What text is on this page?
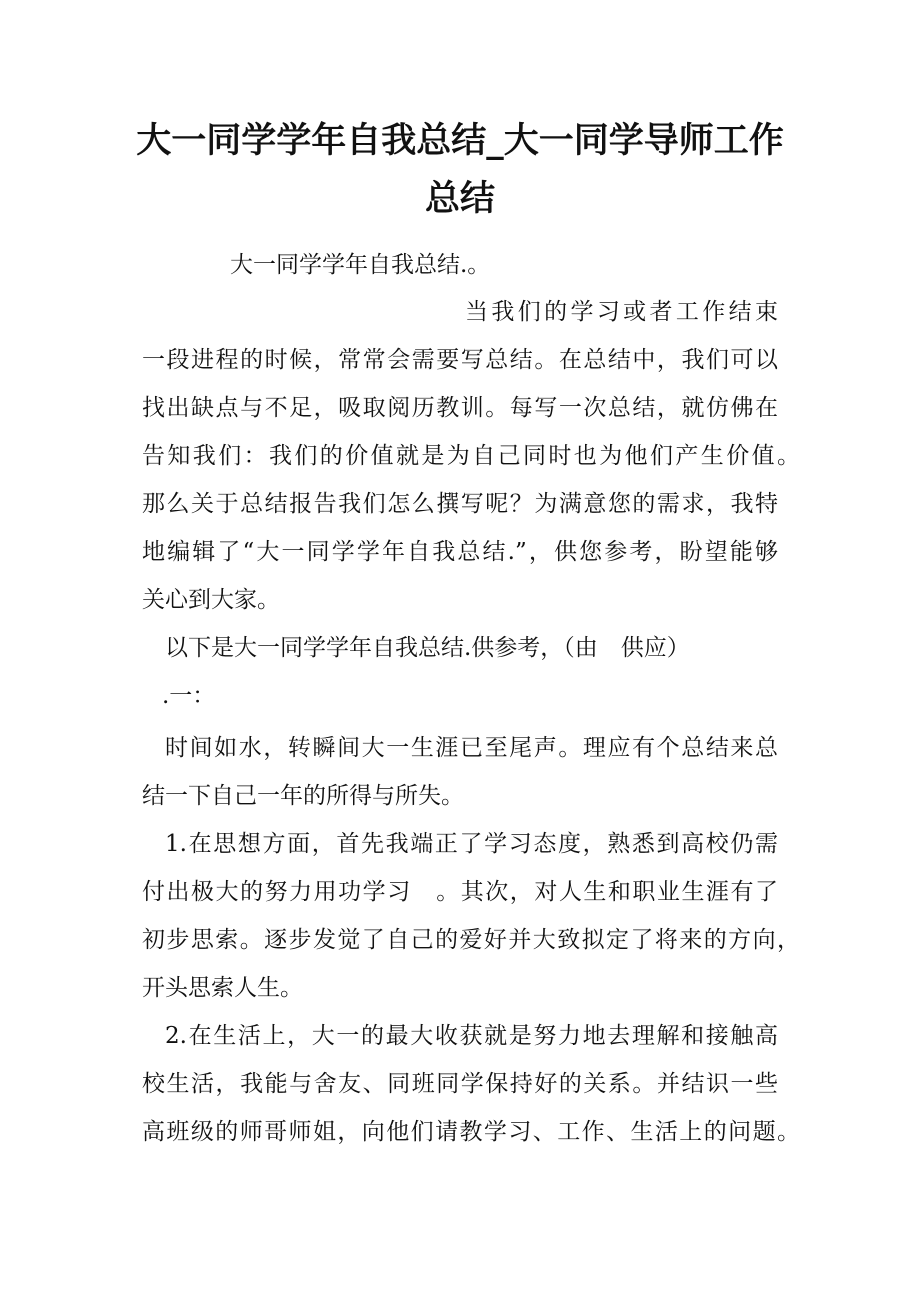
大一同学学年自我总结_大一同学导师工作
总结

大一同学学年自我总结.。

当我们的学习或者工作结束

一段进程的时候，常常会需要写总结。在总结中，我们可以

找出缺点与不足，吸取阅历教训。每写一次总结，就仿佛在

告知我们：我们的价值就是为自己同时也为他们产生价值。

那么关于总结报告我们怎么撰写呢？为满意您的需求，我特

地编辑了“大一同学学年自我总结.”，供您参考，盼望能够

关心到大家。

以下是大一同学学年自我总结.供参考，（由　供应）

.一：

时间如水，转瞬间大一生涯已至尾声。理应有个总结来总

结一下自己一年的所得与所失。

1.在思想方面，首先我端正了学习态度，熟悉到高校仍需

付出极大的努力用功学习　。其次，对人生和职业生涯有了

初步思索。逐步发觉了自己的爱好并大致拟定了将来的方向，

开头思索人生。

2.在生活上，大一的最大收获就是努力地去理解和接触高

校生活，我能与舍友、同班同学保持好的关系。并结识一些

高班级的师哥师姐，向他们请教学习、工作、生活上的问题。
